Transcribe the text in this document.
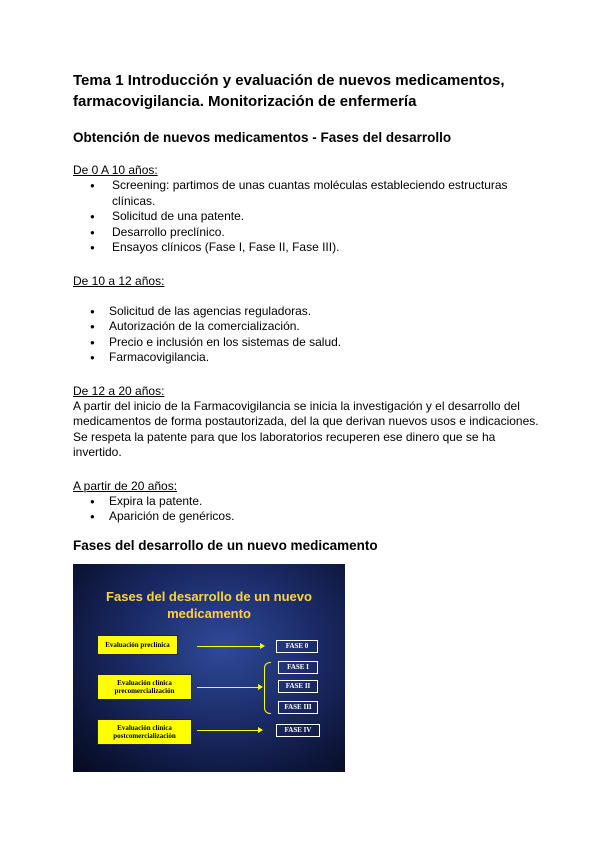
Tema 1 Introducción y evaluación de nuevos medicamentos,
farmacovigilancia. Monitorización de enfermería

Obtención de nuevos medicamentos - Fases del desarrollo

De 0 A 10 años:

● Screening: partimos de unas cuantas moléculas estableciendo estructuras clínicas.
● Solicitud de una patente.
● Desarrollo preclínico.
● Ensayos clínicos (Fase I, Fase II, Fase III).

De 10 a 12 años:

● Solicitud de las agencias reguladoras.
● Autorización de la comercialización.
● Precio e inclusión en los sistemas de salud.
● Farmacovigilancia.

De 12 a 20 años:

A partir del inicio de la Farmacovigilancia se inicia la investigación y el desarrollo del medicamentos de forma postautorizada, del la que derivan nuevos usos e indicaciones. Se respeta la patente para que los laboratorios recuperen ese dinero que se ha invertido.

A partir de 20 años:

● Expira la patente.
● Aparición de genéricos.

Fases del desarrollo de un nuevo medicamento

Fases del desarrollo de un nuevo
medicamento
Evaluación preclínica	FASE 0
Evaluación clínica
precomercialización
FASE I
FASE II
FASE III
Evaluación clínica
postcomercialización
FASE IV
